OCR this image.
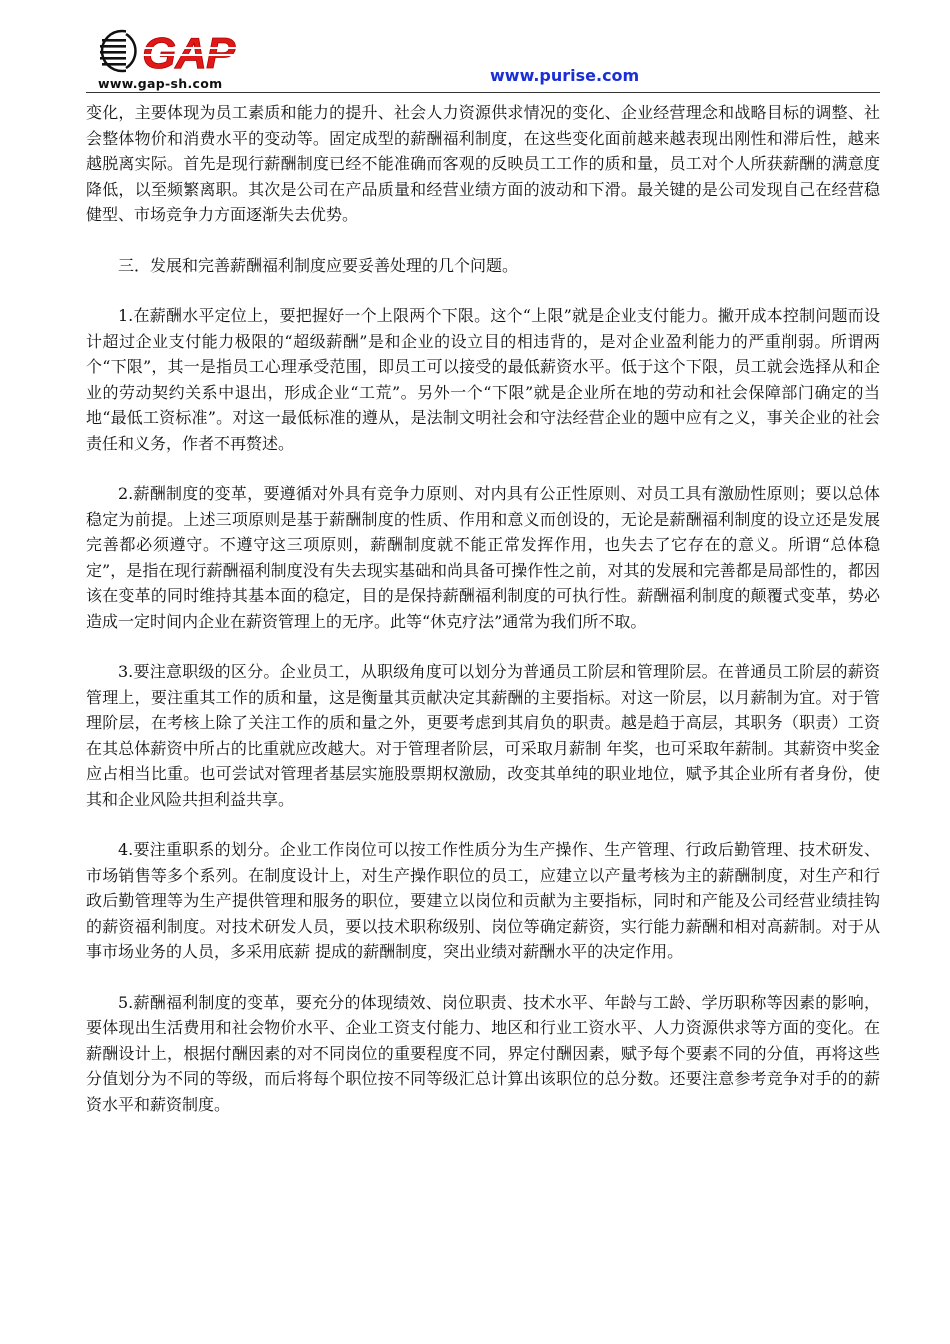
www.gap-sh.com	www.purise.com

变化，主要体现为员工素质和能力的提升、社会人力资源供求情况的变化、企业经营理念和战略目标的调整、社会整体物价和消费水平的变动等。固定成型的薪酬福利制度，在这些变化面前越来越表现出刚性和滞后性，越来越脱离实际。首先是现行薪酬制度已经不能准确而客观的反映员工工作的质和量，员工对个人所获薪酬的满意度降低，以至频繁离职。其次是公司在产品质量和经营业绩方面的波动和下滑。最关键的是公司发现自己在经营稳健型、市场竞争力方面逐渐失去优势。

三．发展和完善薪酬福利制度应要妥善处理的几个问题。

1.在薪酬水平定位上，要把握好一个上限两个下限。这个“上限”就是企业支付能力。撇开成本控制问题而设计超过企业支付能力极限的“超级薪酬”是和企业的设立目的相违背的，是对企业盈利能力的严重削弱。所谓两个“下限”，其一是指员工心理承受范围，即员工可以接受的最低薪资水平。低于这个下限，员工就会选择从和企业的劳动契约关系中退出，形成企业“工荒”。另外一个“下限”就是企业所在地的劳动和社会保障部门确定的当地“最低工资标准”。对这一最低标准的遵从，是法制文明社会和守法经营企业的题中应有之义，事关企业的社会责任和义务，作者不再赘述。

2.薪酬制度的变革，要遵循对外具有竞争力原则、对内具有公正性原则、对员工具有激励性原则；要以总体稳定为前提。上述三项原则是基于薪酬制度的性质、作用和意义而创设的，无论是薪酬福利制度的设立还是发展完善都必须遵守。不遵守这三项原则，薪酬制度就不能正常发挥作用，也失去了它存在的意义。所谓“总体稳定”，是指在现行薪酬福利制度没有失去现实基础和尚具备可操作性之前，对其的发展和完善都是局部性的，都因该在变革的同时维持其基本面的稳定，目的是保持薪酬福利制度的可执行性。薪酬福利制度的颠覆式变革，势必造成一定时间内企业在薪资管理上的无序。此等“休克疗法”通常为我们所不取。

3.要注意职级的区分。企业员工，从职级角度可以划分为普通员工阶层和管理阶层。在普通员工阶层的薪资管理上，要注重其工作的质和量，这是衡量其贡献决定其薪酬的主要指标。对这一阶层，以月薪制为宜。对于管理阶层，在考核上除了关注工作的质和量之外，更要考虑到其肩负的职责。越是趋于高层，其职务（职责）工资在其总体薪资中所占的比重就应改越大。对于管理者阶层，可采取月薪制 年奖，也可采取年薪制。其薪资中奖金应占相当比重。也可尝试对管理者基层实施股票期权激励，改变其单纯的职业地位，赋予其企业所有者身份，使其和企业风险共担利益共享。

4.要注重职系的划分。企业工作岗位可以按工作性质分为生产操作、生产管理、行政后勤管理、技术研发、市场销售等多个系列。在制度设计上，对生产操作职位的员工，应建立以产量考核为主的薪酬制度，对生产和行政后勤管理等为生产提供管理和服务的职位，要建立以岗位和贡献为主要指标，同时和产能及公司经营业绩挂钩的薪资福利制度。对技术研发人员，要以技术职称级别、岗位等确定薪资，实行能力薪酬和相对高薪制。对于从事市场业务的人员，多采用底薪 提成的薪酬制度，突出业绩对薪酬水平的决定作用。

5.薪酬福利制度的变革，要充分的体现绩效、岗位职责、技术水平、年龄与工龄、学历职称等因素的影响，要体现出生活费用和社会物价水平、企业工资支付能力、地区和行业工资水平、人力资源供求等方面的变化。在薪酬设计上，根据付酬因素的对不同岗位的重要程度不同，界定付酬因素，赋予每个要素不同的分值，再将这些分值划分为不同的等级，而后将每个职位按不同等级汇总计算出该职位的总分数。还要注意参考竞争对手的的薪资水平和薪资制度。
